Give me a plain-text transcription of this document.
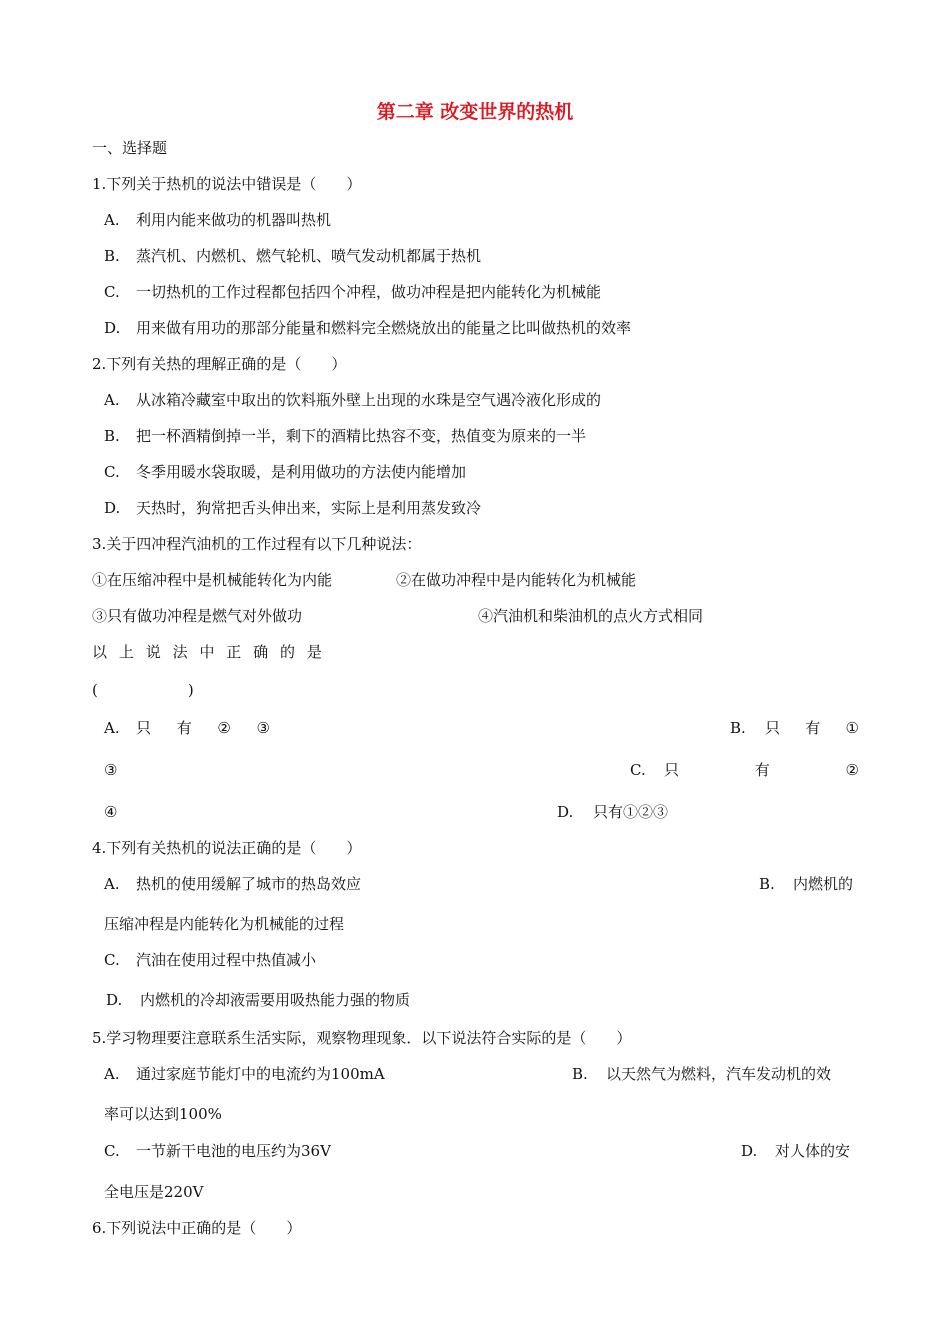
第二章 改变世界的热机
一、选择题
1.下列关于热机的说法中错误是（　　）
A. 利用内能来做功的机器叫热机
B. 蒸汽机、内燃机、燃气轮机、喷气发动机都属于热机
C. 一切热机的工作过程都包括四个冲程，做功冲程是把内能转化为机械能
D. 用来做有用功的那部分能量和燃料完全燃烧放出的能量之比叫做热机的效率
2.下列有关热的理解正确的是（　　）
A. 从冰箱冷藏室中取出的饮料瓶外壁上出现的水珠是空气遇冷液化形成的
B. 把一杯酒精倒掉一半，剩下的酒精比热容不变，热值变为原来的一半
C. 冬季用暖水袋取暖，是利用做功的方法使内能增加
D. 天热时，狗常把舌头伸出来，实际上是利用蒸发致冷
3.关于四冲程汽油机的工作过程有以下几种说法：
①在压缩冲程中是机械能转化为内能	②在做功冲程中是内能转化为机械能
③只有做功冲程是燃气对外做功	④汽油机和柴油机的点火方式相同
以 上 说 法 中 正 确 的 是
(　　　　　　)
A. 只 有 ② ③	B. 只 有 ①
③	C. 只	有	②
④	D. 只有①②③
4.下列有关热机的说法正确的是（　　）
A. 热机的使用缓解了城市的热岛效应	B. 内燃机的
压缩冲程是内能转化为机械能的过程
C. 汽油在使用过程中热值减小
D. 内燃机的冷却液需要用吸热能力强的物质
5.学习物理要注意联系生活实际，观察物理现象．以下说法符合实际的是（　　）
A. 通过家庭节能灯中的电流约为100mA	B. 以天然气为燃料，汽车发动机的效
率可以达到100%
C. 一节新干电池的电压约为36V	D. 对人体的安
全电压是220V
6.下列说法中正确的是（　　）
